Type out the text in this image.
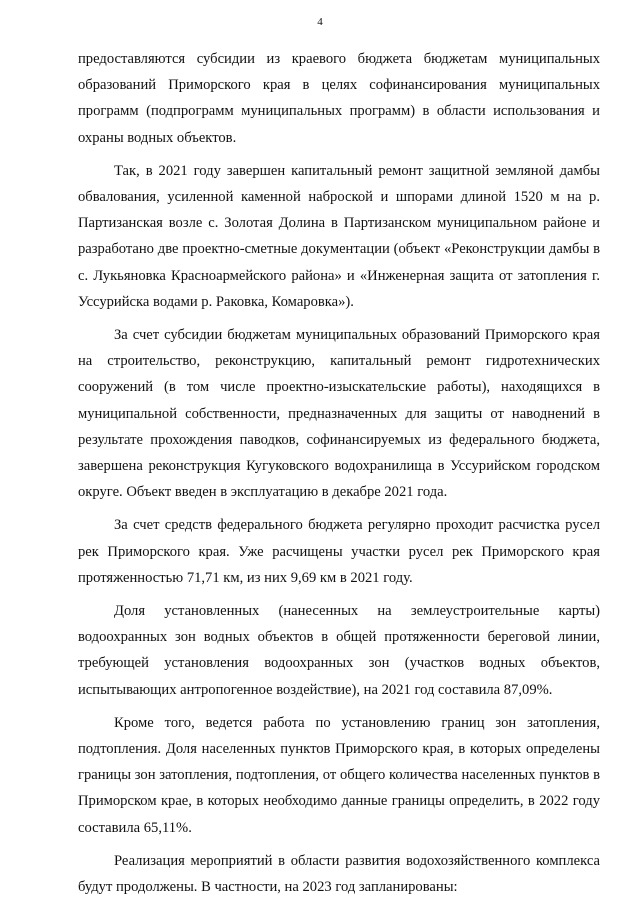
4

предоставляются субсидии из краевого бюджета бюджетам муниципальных образований Приморского края в целях софинансирования муниципальных программ (подпрограмм муниципальных программ) в области использования и охраны водных объектов.

Так, в 2021 году завершен капитальный ремонт защитной земляной дамбы обвалования, усиленной каменной наброской и шпорами длиной 1520 м на р. Партизанская возле с. Золотая Долина в Партизанском муниципальном районе и разработано две проектно-сметные документации (объект «Реконструкции дамбы в с. Лукьяновка Красноармейского района» и «Инженерная защита от затопления г. Уссурийска водами р. Раковка, Комаровка»).

За счет субсидии бюджетам муниципальных образований Приморского края на строительство, реконструкцию, капитальный ремонт гидротехнических сооружений (в том числе проектно-изыскательские работы), находящихся в муниципальной собственности, предназначенных для защиты от наводнений в результате прохождения паводков, софинансируемых из федерального бюджета, завершена реконструкция Кугуковского водохранилища в Уссурийском городском округе. Объект введен в эксплуатацию в декабре 2021 года.

За счет средств федерального бюджета регулярно проходит расчистка русел рек Приморского края. Уже расчищены участки русел рек Приморского края протяженностью 71,71 км, из них 9,69 км в 2021 году.

Доля установленных (нанесенных на землеустроительные карты) водоохранных зон водных объектов в общей протяженности береговой линии, требующей установления водоохранных зон (участков водных объектов, испытывающих антропогенное воздействие), на 2021 год составила 87,09%.

Кроме того, ведется работа по установлению границ зон затопления, подтопления. Доля населенных пунктов Приморского края, в которых определены границы зон затопления, подтопления, от общего количества населенных пунктов в Приморском крае, в которых необходимо данные границы определить, в 2022 году составила 65,11%.

Реализация мероприятий в области развития водохозяйственного комплекса будут продолжены. В частности, на 2023 год запланированы:
